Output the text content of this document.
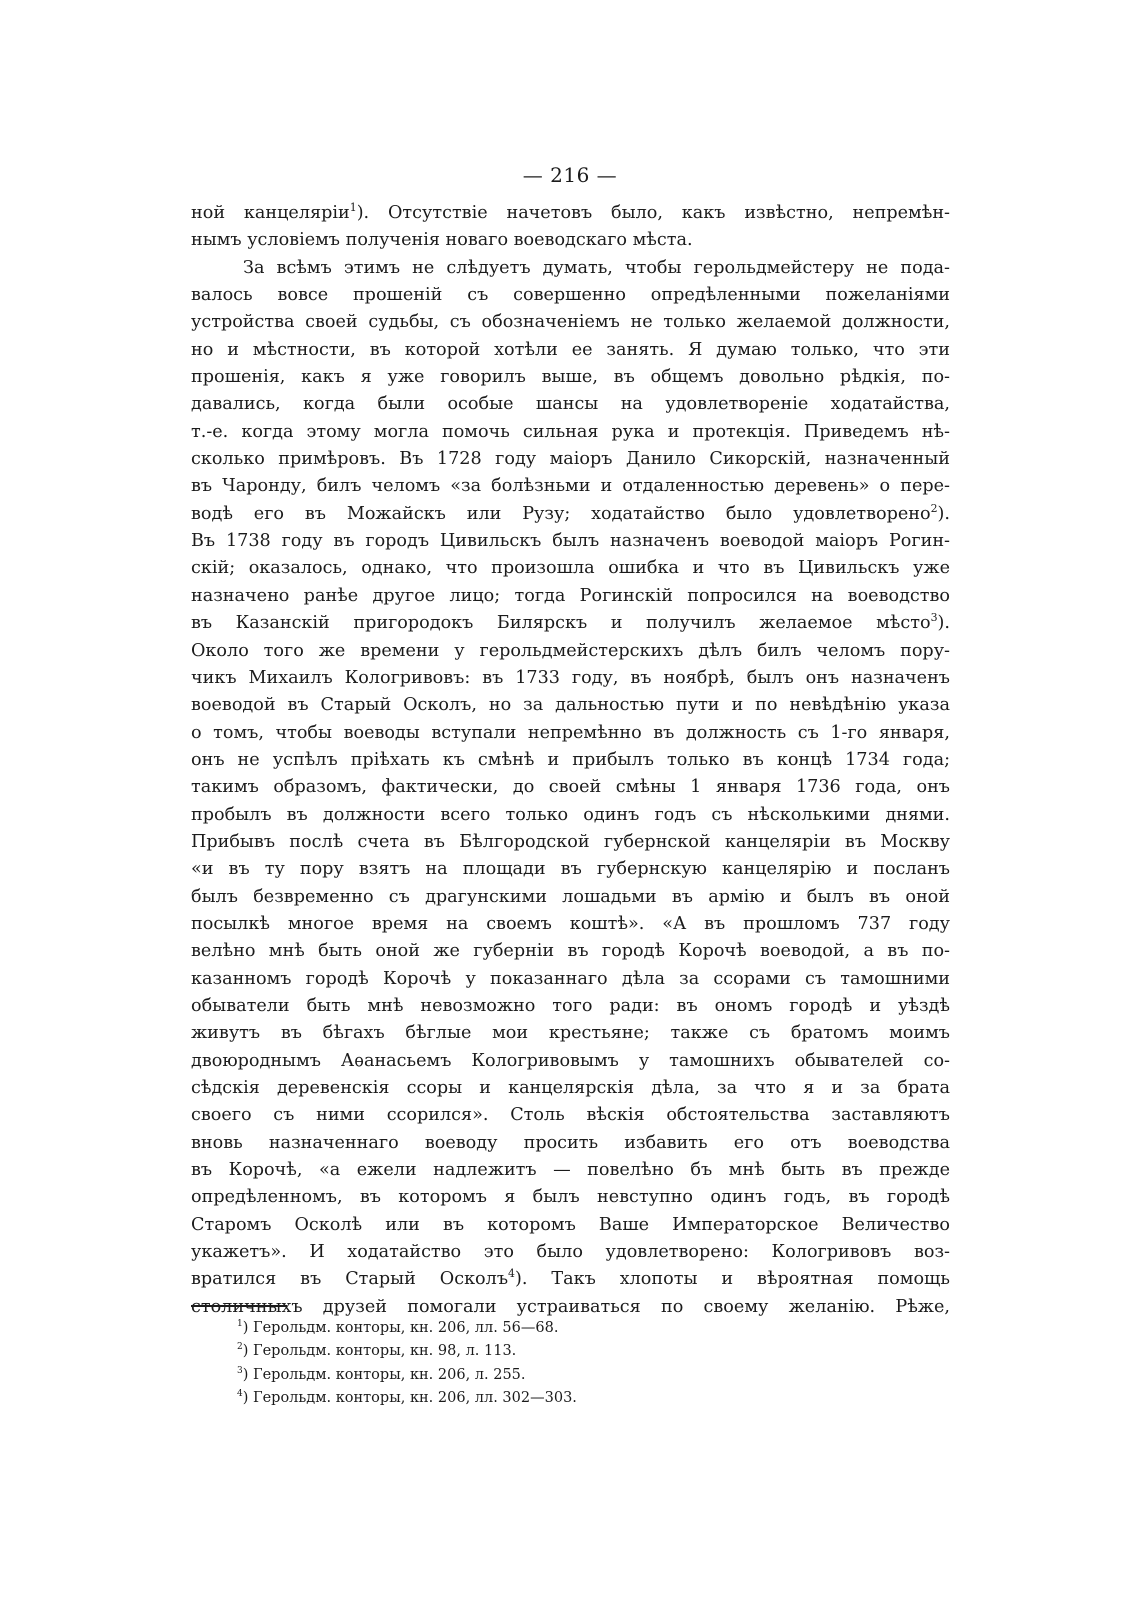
— 216 —
ной канцеляріи$^1$). Отсутствіе начетовъ было, какъ извѣстно, непремѣн-
нымъ условіемъ полученія новаго воеводскаго мѣста.
За всѣмъ этимъ не слѣдуетъ думать, чтобы герольдмейстеру не пода-
валось вовсе прошеній съ совершенно опредѣленными пожеланіями
устройства своей судьбы, съ обозначеніемъ не только желаемой должности,
но и мѣстности, въ которой хотѣли ее занять. Я думаю только, что эти
прошенія, какъ я уже говорилъ выше, въ общемъ довольно рѣдкія, по-
давались, когда были особые шансы на удовлетвореніе ходатайства,
т.-е. когда этому могла помочь сильная рука и протекція. Приведемъ нѣ-
сколько примѣровъ. Въ 1728 году маіоръ Данило Сикорскій, назначенный
въ Чаронду, билъ челомъ «за болѣзньми и отдаленностью деревень» о пере-
водѣ его въ Можайскъ или Рузу; ходатайство было удовлетворено$^2$).
Въ 1738 году въ городъ Цивильскъ былъ назначенъ воеводой маіоръ Рогин-
скій; оказалось, однако, что произошла ошибка и что въ Цивильскъ уже
назначено ранѣе другое лицо; тогда Рогинскій попросился на воеводство
въ Казанскій пригородокъ Билярскъ и получилъ желаемое мѣсто$^3$).
Около того же времени у герольдмейстерскихъ дѣлъ билъ челомъ пору-
чикъ Михаилъ Кологривовъ: въ 1733 году, въ ноябрѣ, былъ онъ назначенъ
воеводой въ Старый Осколъ, но за дальностью пути и по невѣдѣнію указа
о томъ, чтобы воеводы вступали непремѣнно въ должность съ 1-го января,
онъ не успѣлъ пріѣхать къ смѣнѣ и прибылъ только въ концѣ 1734 года;
такимъ образомъ, фактически, до своей смѣны 1 января 1736 года, онъ
пробылъ въ должности всего только одинъ годъ съ нѣсколькими днями.
Прибывъ послѣ счета въ Бѣлгородской губернской канцеляріи въ Москву
«и въ ту пору взятъ на площади въ губернскую канцелярію и посланъ
былъ безвременно съ драгунскими лошадьми въ армію и былъ въ оной
посылкѣ многое время на своемъ коштѣ». «А въ прошломъ 737 году
велѣно мнѣ быть оной же губерніи въ городѣ Корочѣ воеводой, а въ по-
казанномъ городѣ Корочѣ у показаннаго дѣла за ссорами съ тамошними
обыватели быть мнѣ невозможно того ради: въ ономъ городѣ и уѣздѣ
живутъ въ бѣгахъ бѣглые мои крестьяне; также съ братомъ моимъ
двоюроднымъ Аѳанасьемъ Кологривовымъ у тамошнихъ обывателей со-
сѣдскія деревенскія ссоры и канцелярскія дѣла, за что я и за брата
своего съ ними ссорился». Столь вѣскія обстоятельства заставляютъ
вновь назначеннаго воеводу просить избавить его отъ воеводства
въ Корочѣ, «а ежели надлежитъ — повелѣно бъ мнѣ быть въ прежде
опредѣленномъ, въ которомъ я былъ невступно одинъ годъ, въ городѣ
Старомъ Осколѣ или въ которомъ Ваше Императорское Величество
укажетъ». И ходатайство это было удовлетворено: Кологривовъ воз-
вратился въ Старый Осколъ$^4$). Такъ хлопоты и вѣроятная помощь
столичныхъ друзей помогали устраиваться по своему желанію. Рѣже,
$^1$) Герольдм. конторы, кн. 206, лл. 56—68.
$^2$) Герольдм. конторы, кн. 98, л. 113.
$^3$) Герольдм. конторы, кн. 206, л. 255.
$^4$) Герольдм. конторы, кн. 206, лл. 302—303.
